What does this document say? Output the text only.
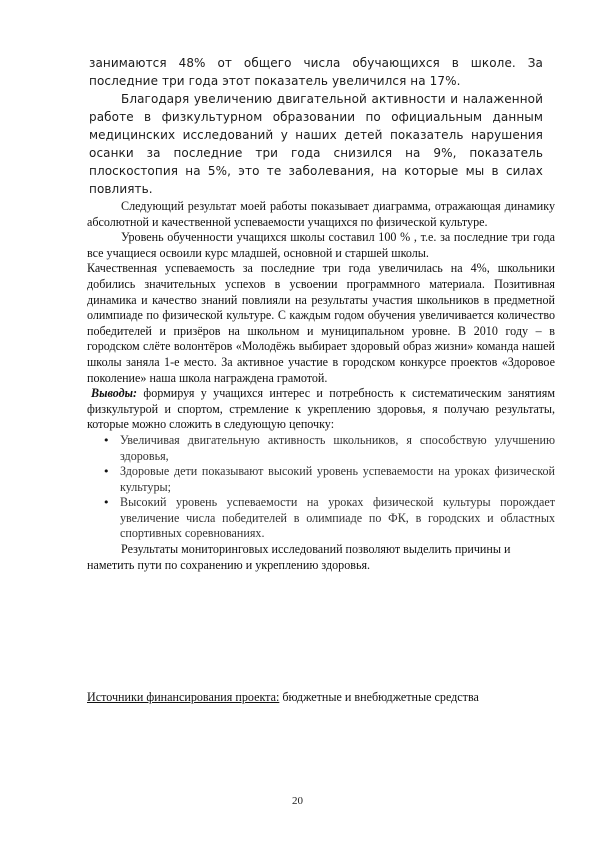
занимаются 48% от общего числа обучающихся в школе. За последние три года этот показатель увеличился на 17%.

Благодаря увеличению двигательной активности и налаженной работе в физкультурном образовании по официальным данным медицинских исследований у наших детей показатель нарушения осанки за последние три года снизился на 9%, показатель плоскостопия на 5%, это те заболевания, на которые мы в силах повлиять.

Следующий результат моей работы показывает диаграмма, отражающая динамику абсолютной и качественной успеваемости учащихся по физической культуре.

Уровень обученности учащихся школы составил 100 % , т.е. за последние три года все учащиеся освоили курс младшей, основной и старшей школы.

Качественная успеваемость за последние три года увеличилась на 4%, школьники добились значительных успехов в усвоении программного материала. Позитивная динамика и качество знаний повлияли на результаты участия школьников в предметной олимпиаде по физической культуре. С каждым годом обучения увеличивается количество победителей и призёров на школьном и муниципальном уровне. В 2010 году – в городском слёте волонтёров «Молодёжь выбирает здоровый образ жизни» команда нашей школы заняла 1-е место. За активное участие в городском конкурсе проектов «Здоровое поколение» наша школа награждена грамотой.

Выводы: формируя у учащихся интерес и потребность к систематическим занятиям физкультурой и спортом, стремление к укреплению здоровья, я получаю результаты, которые можно сложить в следующую цепочку:

• Увеличивая двигательную активность школьников, я способствую улучшению здоровья,
• Здоровые дети показывают высокий уровень успеваемости на уроках физической культуры;
• Высокий уровень успеваемости на уроках физической культуры порождает увеличение числа победителей в олимпиаде по ФК, в городских и областных спортивных соревнованиях.

Результаты мониторинговых исследований позволяют выделить причины и наметить пути по сохранению и укреплению здоровья.

Источники финансирования проекта: бюджетные и внебюджетные средства

20
